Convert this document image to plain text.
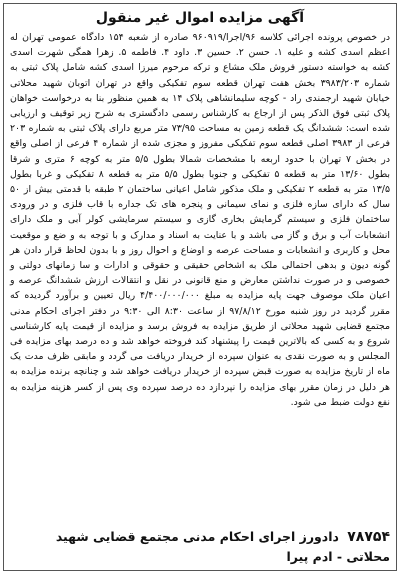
آگهی مزایده اموال غیر منقول
در خصوص پرونده اجرائی کلاسه ۹۶/اجرا/۹۶۰۹۱۹ صادره از شعبه ۱۵۴ دادگاه عمومی تهران له اعظم اسدی کشه و علیه ۱. حسن ۲. حسین ۳. داود ۴. فاطمه ۵. زهرا همگی شهرت اسدی کشه به خواسته دستور فروش ملک مشاع و ترکه مرحوم میرزا اسدی کشه شامل پلاک ثبتی به شماره ۳۹۸۳/۲۰۳ بخش هفت تهران قطعه سوم تفکیکی واقع در تهران اتوبان شهید محلاتی خیابان شهید ارجمندی راد - کوچه سلیمانشاهی پلاک ۱۴ به همین منظور بنا به درخواست خواهان پلاک ثبتی فوق الذکر پس از ارجاع به کارشناس رسمی دادگستری به شرح زیر توقیف و ارزیابی شده است: ششدانگ یک قطعه زمین به مساحت ۷۳/۹۵ متر مربع دارای پلاک ثبتی به شماره ۲۰۳ فرعی از ۳۹۸۳ اصلی قطعه سوم تفکیکی مفروز و مجزی شده از شماره ۴ فرعی از اصلی واقع در بخش ۷ تهران با حدود اربعه با مشخصات شمالا بطول ۵/۵ متر به کوچه ۶ متری و شرقا بطول ۱۳/۶۰ متر به قطعه ۵ تفکیکی و جنوبا بطول ۵/۵ متر به قطعه ۸ تفکیکی و غربا بطول ۱۳/۵ متر به قطعه ۲ تفکیکی و ملک مذکور شامل اعیانی ساختمان ۲ طبقه با قدمتی بیش از ۵۰ سال که دارای سازه فلزی و نمای سیمانی و پنجره های تک جداره با قاب فلزی و در ورودی ساختمان فلزی و سیستم گرمایش بخاری گازی و سیستم سرمایشی کولر آبی و ملک دارای انشعابات آب و برق و گاز می باشد و با عنایت به اسناد و مدارک و با توجه به و ضع و موقعیت محل و کاربری و انشعابات و مساحت عرصه و اوضاع و احوال روز و با بدون لحاظ قرار دادن هر گونه دیون و بدهی احتمالی ملک به اشخاص حقیقی و حقوقی و ادارات و سا زمانهای دولتی و خصوصی و در صورت نداشتن معارض و منع قانونی در نقل و انتقالات ارزش ششدانگ عرصه و اعیان ملک موصوف جهت پایه مزایده به مبلغ ۴/۴۰۰/۰۰۰/۰۰۰ ریال تعیین و برآورد گردیده که مقرر گردید در روز شنبه مورخ ۹۷/۸/۱۲ از ساعت ۸:۳۰ الی ۹:۳۰ در دفتر اجرای احکام مدنی مجتمع قضایی شهید محلاتی از طریق مزایده به فروش برسد و مزایده از قیمت پایه کارشناسی شروع و به کسی که بالاترین قیمت را پیشنهاد کند فروخته خواهد شد و ده درصد بهای مزایده فی المجلس و به صورت نقدی به عنوان سپرده از خریدار دریافت می گردد و مابقی ظرف مدت یک ماه از تاریخ مزایده به صورت قبض سپرده از خریدار دریافت خواهد شد و چنانچه برنده مزایده به هر دلیل در زمان مقرر بهای مزایده را نپردازد ده درصد سپرده وی پس از کسر هزینه مزایده به نفع دولت ضبط می شود.
۷۸۷۵۴ دادورز اجرای احکام مدنی مجتمع قضایی شهید محلاتی - ادم پیرا
